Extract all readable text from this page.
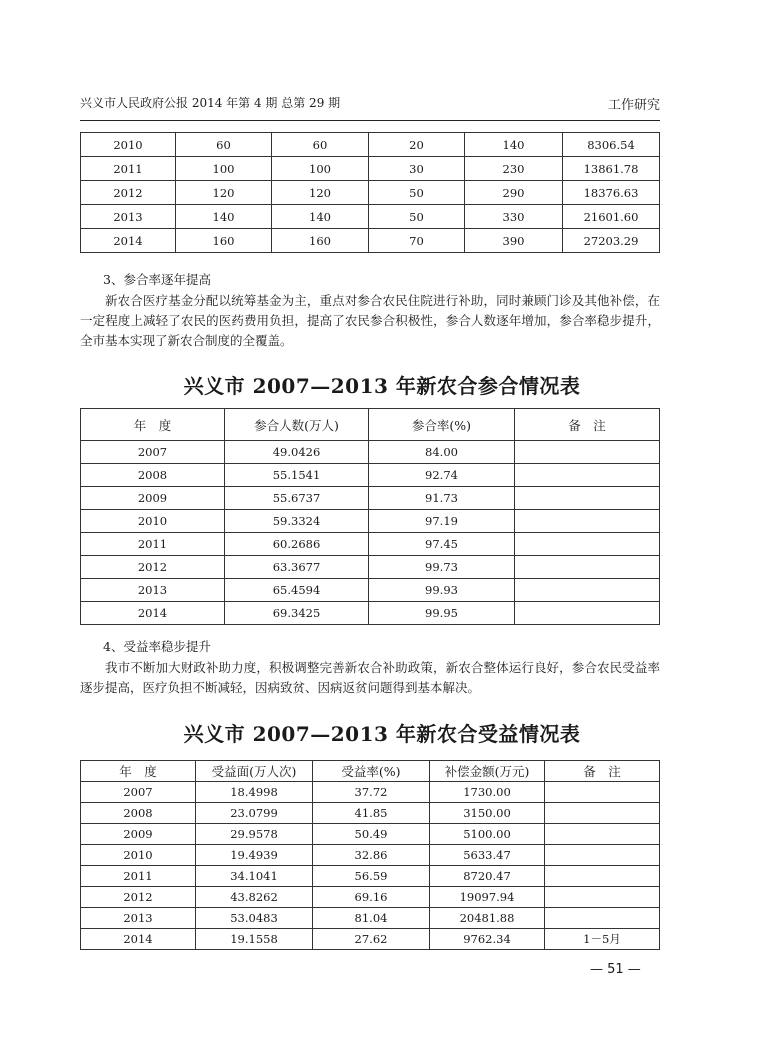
兴义市人民政府公报 2014 年第 4 期 总第 29 期	工作研究
2010	60	60	20	140	8306.54
2011	100	100	30	230	13861.78
2012	120	120	50	290	18376.63
2013	140	140	50	330	21601.60
2014	160	160	70	390	27203.29
3、参合率逐年提高

新农合医疗基金分配以统筹基金为主，重点对参合农民住院进行补助，同时兼顾门诊及其他补偿，在一定程度上减轻了农民的医药费用负担，提高了农民参合积极性，参合人数逐年增加，参合率稳步提升，全市基本实现了新农合制度的全覆盖。

兴义市 2007—2013 年新农合参合情况表
年　度	参合人数(万人)	参合率(%)	备　注
2007	49.0426	84.00	
2008	55.1541	92.74	
2009	55.6737	91.73	
2010	59.3324	97.19	
2011	60.2686	97.45	
2012	63.3677	99.73	
2013	65.4594	99.93	
2014	69.3425	99.95	
4、受益率稳步提升

我市不断加大财政补助力度，积极调整完善新农合补助政策，新农合整体运行良好，参合农民受益率逐步提高，医疗负担不断减轻，因病致贫、因病返贫问题得到基本解决。

兴义市 2007—2013 年新农合受益情况表
年　度	受益面(万人次)	受益率(%)	补偿金额(万元)	备　注
2007	18.4998	37.72	1730.00	
2008	23.0799	41.85	3150.00	
2009	29.9578	50.49	5100.00	
2010	19.4939	32.86	5633.47	
2011	34.1041	56.59	8720.47	
2012	43.8262	69.16	19097.94	
2013	53.0483	81.04	20481.88	
2014	19.1558	27.62	9762.34	1－5月
— 51 —
